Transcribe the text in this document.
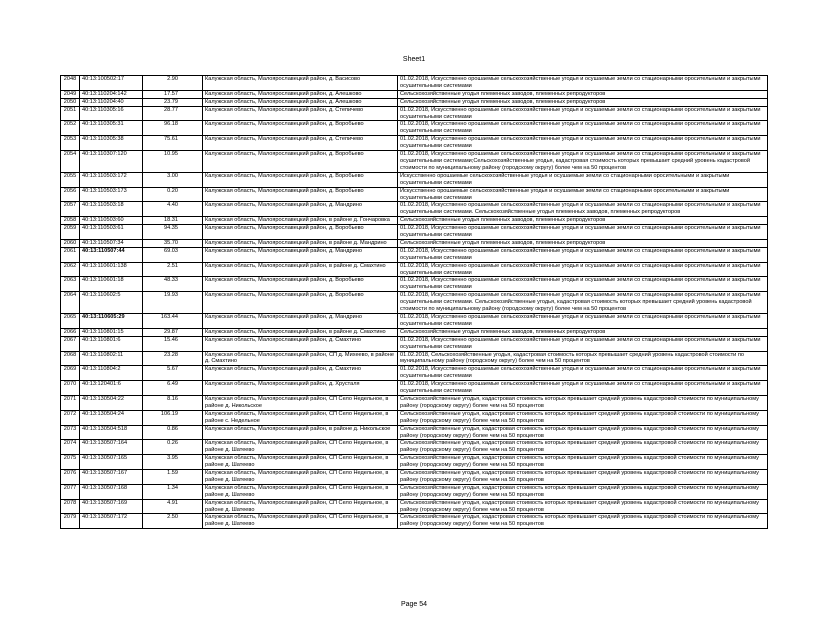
Sheet1
2048	40:13:100502:17	2.90	Калужская область, Малоярославецкий район, д. Васисово	01.02.2018, Искусственно орошаемые сельскохозяйственные угодья и осушаемые земли со стационарными оросительными и закрытыми осушительными системами
2049	40:13:110204:142	17.57	Калужская область, Малоярославецкий район, д. Алешково	Сельскохозяйственные угодья племенных заводов, племенных репродукторов
2050	40:13:110204:40	23.79	Калужская область, Малоярославецкий район, д. Алешково	Сельскохозяйственные угодья племенных заводов, племенных репродукторов
2051	40:13:110305:16	28.77	Калужская область, Малоярославецкий район, д. Степичево	01.02.2018, Искусственно орошаемые сельскохозяйственные угодья и осушаемые земли со стационарными оросительными и закрытыми осушительными системами
2052	40:13:110305:31	96.18	Калужская область, Малоярославецкий район, д. Воробьево	01.02.2018, Искусственно орошаемые сельскохозяйственные угодья и осушаемые земли со стационарными оросительными и закрытыми осушительными системами
2053	40:13:110305:38	75.61	Калужская область, Малоярославецкий район, д. Степичево	01.02.2018, Искусственно орошаемые сельскохозяйственные угодья и осушаемые земли со стационарными оросительными и закрытыми осушительными системами
2054	40:13:110307:120	10.95	Калужская область, Малоярославецкий район, д. Воробьево	01.02.2018, Искусственно орошаемые сельскохозяйственные угодья и осушаемые земли со стационарными оросительными и закрытыми осушительными системами;Сельскохозяйственные угодья, кадастровая стоимость которых превышает средний уровень кадастровой стоимости по муниципальному району (городскому округу) более чем на 50 процентов
2055	40:13:110503:172	3.00	Калужская область, Малоярославецкий район, д. Воробьево	Искусственно орошаемые сельскохозяйственные угодья и осушаемые земли со стационарными оросительными и закрытыми осушительными системами
2056	40:13:110503:173	0.20	Калужская область, Малоярославецкий район, д. Воробьево	Искусственно орошаемые сельскохозяйственные угодья и осушаемые земли со стационарными оросительными и закрытыми осушительными системами
2057	40:13:110503:18	4.40	Калужская область, Малоярославецкий район, д. Мандрино	01.02.2018, Искусственно орошаемые сельскохозяйственные угодья и осушаемые земли со стационарными оросительными и закрытыми осушительными системами. Сельскохозяйственные угодья племенных заводов, племенных репродукторов
2058	40:13:110503:60	18.31	Калужская область, Малоярославецкий район, в районе д. Гончаровка	Сельскохозяйственные угодья племенных заводов, племенных репродукторов
2059	40:13:110503:61	94.35	Калужская область, Малоярославецкий район, д. Воробьево	01.02.2018, Искусственно орошаемые сельскохозяйственные угодья и осушаемые земли со стационарными оросительными и закрытыми осушительными системами
2060	40:13:110507:34	35.70	Калужская область, Малоярославецкий район, в районе д. Мандрино	Сельскохозяйственные угодья племенных заводов, племенных репродукторов
2061	40:13:110507:44	69.03	Калужская область, Малоярославецкий район, д. Мандрино	01.02.2018, Искусственно орошаемые сельскохозяйственные угодья и осушаемые земли со стационарными оросительными и закрытыми осушительными системами
2062	40:13:110601:138	2.51	Калужская область, Малоярославецкий район, в районе д. Смахтино	01.02.2018, Искусственно орошаемые сельскохозяйственные угодья и осушаемые земли со стационарными оросительными и закрытыми осушительными системами
2063	40:13:110601:18	48.33	Калужская область, Малоярославецкий район, д. Воробьево	01.02.2018, Искусственно орошаемые сельскохозяйственные угодья и осушаемые земли со стационарными оросительными и закрытыми осушительными системами
2064	40:13:110602:5	19.93	Калужская область, Малоярославецкий район, д. Воробьево	01.02.2018, Искусственно орошаемые сельскохозяйственные угодья и осушаемые земли со стационарными оросительными и закрытыми осушительными системами. Сельскохозяйственные угодья, кадастровая стоимость которых превышает средний уровень кадастровой стоимости по муниципальному району (городскому округу) более чем на 50 процентов
2065	40:13:110605:29	163.44	Калужская область, Малоярославецкий район, д. Мандрино	01.02.2018, Искусственно орошаемые сельскохозяйственные угодья и осушаемые земли со стационарными оросительными и закрытыми осушительными системами
2066	40:13:110801:15	29.87	Калужская область, Малоярославецкий район, в районе д. Смахтино	Сельскохозяйственные угодья племенных заводов, племенных репродукторов
2067	40:13:110801:6	15.46	Калужская область, Малоярославецкий район, д. Смахтино	01.02.2018, Искусственно орошаемые сельскохозяйственные угодья и осушаемые земли со стационарными оросительными и закрытыми осушительными системами
2068	40:13:110802:11	23.28	Калужская область, Малоярославецкий район, СП д. Михеево, в районе д. Смахтино	01.02.2018, Сельскохозяйственные угодья, кадастровая стоимость которых превышает средний уровень кадастровой стоимости по муниципальному району (городскому округу) более чем на 50 процентов
2069	40:13:110804:2	5.67	Калужская область, Малоярославецкий район, д. Смахтино	01.02.2018, Искусственно орошаемые сельскохозяйственные угодья и осушаемые земли со стационарными оросительными и закрытыми осушительными системами
2070	40:13:120401:6	6.49	Калужская область, Малоярославецкий район, д. Хрусталя	01.02.2018, Искусственно орошаемые сельскохозяйственные угодья и осушаемые земли со стационарными оросительными и закрытыми осушительными системами
2071	40:13:130504:22	8.16	Калужская область, Малоярославецкий район, СП Село Недельное, в районе д. Никольское	Сельскохозяйственные угодья, кадастровая стоимость которых превышает средний уровень кадастровой стоимости по муниципальному району (городскому округу) более чем на 50 процентов
2072	40:13:130504:24	106.19	Калужская область, Малоярославецкий район, СП Село Недельное, в районе с. Недельное	Сельскохозяйственные угодья, кадастровая стоимость которых превышает средний уровень кадастровой стоимости по муниципальному району (городскому округу) более чем на 50 процентов
2073	40:13:130504:518	0.86	Калужская область, Малоярославецкий район, в районе д. Никольское	Сельскохозяйственные угодья, кадастровая стоимость которых превышает средний уровень кадастровой стоимости по муниципальному району (городскому округу) более чем на 50 процентов
2074	40:13:130507:164	0.26	Калужская область, Малоярославецкий район, СП Село Недельное, в районе д. Шатеево	Сельскохозяйственные угодья, кадастровая стоимость которых превышает средний уровень кадастровой стоимости по муниципальному району (городскому округу) более чем на 50 процентов
2075	40:13:130507:165	3.95	Калужская область, Малоярославецкий район, СП Село Недельное, в районе д. Шатеево	Сельскохозяйственные угодья, кадастровая стоимость которых превышает средний уровень кадастровой стоимости по муниципальному району (городскому округу) более чем на 50 процентов
2076	40:13:130507:167	1.59	Калужская область, Малоярославецкий район, СП Село Недельное, в районе д. Шатеево	Сельскохозяйственные угодья, кадастровая стоимость которых превышает средний уровень кадастровой стоимости по муниципальному району (городскому округу) более чем на 50 процентов
2077	40:13:130507:168	1.34	Калужская область, Малоярославецкий район, СП Село Недельное, в районе д. Шатеево	Сельскохозяйственные угодья, кадастровая стоимость которых превышает средний уровень кадастровой стоимости по муниципальному району (городскому округу) более чем на 50 процентов
2078	40:13:130507:169	4.91	Калужская область, Малоярославецкий район, СП Село Недельное, в районе д. Шатеево	Сельскохозяйственные угодья, кадастровая стоимость которых превышает средний уровень кадастровой стоимости по муниципальному району (городскому округу) более чем на 50 процентов
2079	40:13:130507:172	2.50	Калужская область, Малоярославецкий район, СП Село Недельное, в районе д. Шатеево	Сельскохозяйственные угодья, кадастровая стоимость которых превышает средний уровень кадастровой стоимости по муниципальному району (городскому округу) более чем на 50 процентов
Page 54
